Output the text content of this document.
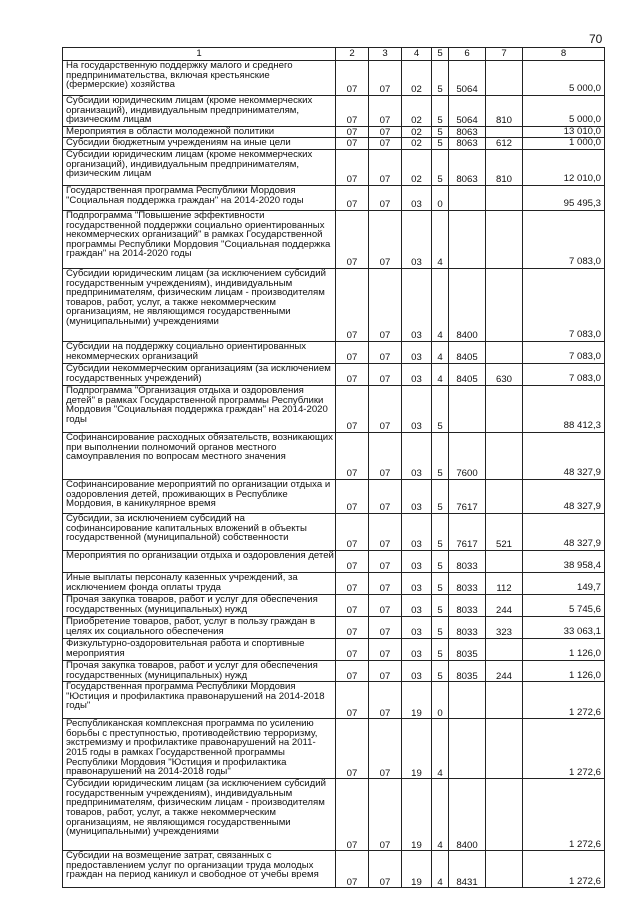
70
1	2	3	4	5	6	7	8
На государственную поддержку малого и среднего предпринимательства, включая крестьянские (фермерские) хозяйства	07	07	02	5	5064		5 000,0
Субсидии юридическим лицам (кроме некоммерческих организаций), индивидуальным предпринимателям, физическим лицам	07	07	02	5	5064	810	5 000,0
Мероприятия в области молодежной политики	07	07	02	5	8063		13 010,0
Субсидии бюджетным учреждениям на иные цели	07	07	02	5	8063	612	1 000,0
Субсидии юридическим лицам (кроме некоммерческих организаций), индивидуальным предпринимателям, физическим лицам	07	07	02	5	8063	810	12 010,0
Государственная программа Республики Мордовия "Социальная поддержка граждан" на 2014-2020 годы	07	07	03	0			95 495,3
Подпрограмма "Повышение эффективности государственной поддержки социально ориентированных некоммерческих организаций" в рамках Государственной программы Республики Мордовия "Социальная поддержка граждан" на 2014-2020 годы	07	07	03	4			7 083,0
Субсидии юридическим лицам (за исключением субсидий государственным учреждениям), индивидуальным предпринимателям, физическим лицам - производителям товаров, работ, услуг, а также некоммерческим организациям, не являющимся государственными (муниципальными) учреждениями	07	07	03	4	8400		7 083,0
Субсидии на поддержку социально ориентированных некоммерческих организаций	07	07	03	4	8405		7 083,0
Субсидии некоммерческим организациям (за исключением государственных учреждений)	07	07	03	4	8405	630	7 083,0
Подпрограмма "Организация отдыха и оздоровления детей" в рамках Государственной программы Республики Мордовия "Социальная поддержка граждан" на 2014-2020 годы	07	07	03	5			88 412,3
Софинансирование расходных обязательств, возникающих при выполнении полномочий органов местного самоуправления по вопросам местного значения	07	07	03	5	7600		48 327,9
Софинансирование мероприятий по организации отдыха и оздоровления детей, проживающих в Республике Мордовия, в каникулярное время	07	07	03	5	7617		48 327,9
Субсидии, за исключением субсидий на софинансирование капитальных вложений в объекты государственной (муниципальной) собственности	07	07	03	5	7617	521	48 327,9
Мероприятия по организации отдыха и оздоровления детей	07	07	03	5	8033		38 958,4
Иные выплаты персоналу казенных учреждений, за исключением фонда оплаты труда	07	07	03	5	8033	112	149,7
Прочая закупка товаров, работ и услуг для обеспечения государственных (муниципальных) нужд	07	07	03	5	8033	244	5 745,6
Приобретение товаров, работ, услуг в пользу граждан в целях их социального обеспечения	07	07	03	5	8033	323	33 063,1
Физкультурно-оздоровительная работа и спортивные мероприятия	07	07	03	5	8035		1 126,0
Прочая закупка товаров, работ и услуг для обеспечения государственных (муниципальных) нужд	07	07	03	5	8035	244	1 126,0
Государственная программа Республики Мордовия "Юстиция и профилактика правонарушений на 2014-2018 годы"	07	07	19	0			1 272,6
Республиканская комплексная программа по усилению борьбы с преступностью, противодействию терроризму, экстремизму и профилактике правонарушений на 2011-2015 годы в рамках Государственной программы Республики Мордовия "Юстиция и профилактика правонарушений на 2014-2018 годы"	07	07	19	4			1 272,6
Субсидии юридическим лицам (за исключением субсидий государственным учреждениям), индивидуальным предпринимателям, физическим лицам - производителям товаров, работ, услуг, а также некоммерческим организациям, не являющимся государственными (муниципальными) учреждениями	07	07	19	4	8400		1 272,6
Субсидии на возмещение затрат, связанных с предоставлением услуг по организации труда молодых граждан на период каникул и свободное от учебы время	07	07	19	4	8431		1 272,6
